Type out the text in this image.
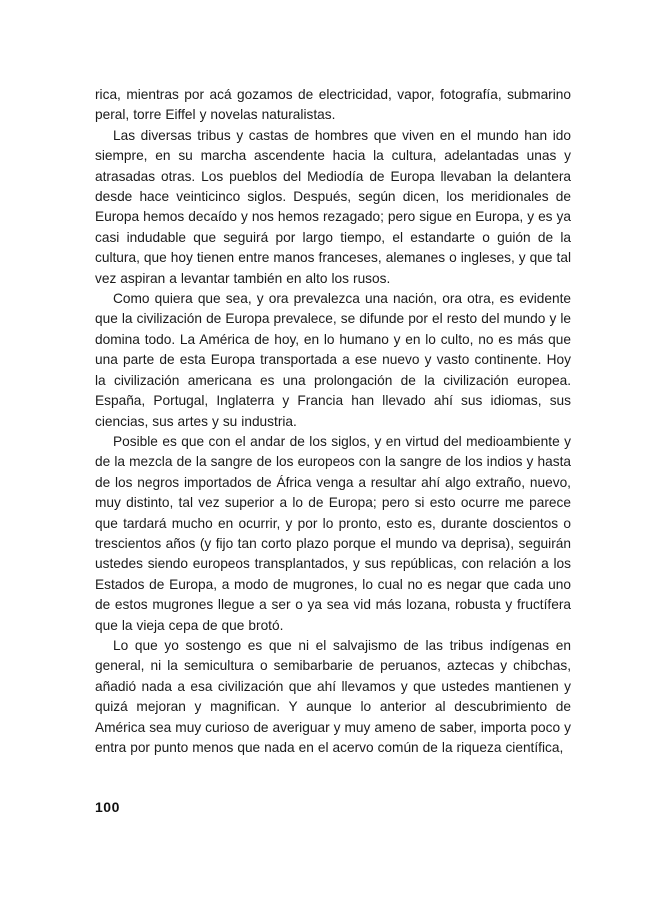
rica, mientras por acá gozamos de electricidad, vapor, fotografía, submarino peral, torre Eiffel y novelas naturalistas.

Las diversas tribus y castas de hombres que viven en el mundo han ido siempre, en su marcha ascendente hacia la cultura, adelantadas unas y atrasadas otras. Los pueblos del Mediodía de Europa llevaban la delantera desde hace veinticinco siglos. Después, según dicen, los meridionales de Europa hemos decaído y nos hemos rezagado; pero sigue en Europa, y es ya casi indudable que seguirá por largo tiempo, el estandarte o guión de la cultura, que hoy tienen entre manos franceses, alemanes o ingleses, y que tal vez aspiran a levantar también en alto los rusos.

Como quiera que sea, y ora prevalezca una nación, ora otra, es evidente que la civilización de Europa prevalece, se difunde por el resto del mundo y le domina todo. La América de hoy, en lo humano y en lo culto, no es más que una parte de esta Europa transportada a ese nuevo y vasto continente. Hoy la civilización americana es una prolongación de la civilización europea. España, Portugal, Inglaterra y Francia han llevado ahí sus idiomas, sus ciencias, sus artes y su industria.

Posible es que con el andar de los siglos, y en virtud del medioambiente y de la mezcla de la sangre de los europeos con la sangre de los indios y hasta de los negros importados de África venga a resultar ahí algo extraño, nuevo, muy distinto, tal vez superior a lo de Europa; pero si esto ocurre me parece que tardará mucho en ocurrir, y por lo pronto, esto es, durante doscientos o trescientos años (y fijo tan corto plazo porque el mundo va deprisa), seguirán ustedes siendo europeos transplantados, y sus repúblicas, con relación a los Estados de Europa, a modo de mugrones, lo cual no es negar que cada uno de estos mugrones llegue a ser o ya sea vid más lozana, robusta y fructífera que la vieja cepa de que brotó.

Lo que yo sostengo es que ni el salvajismo de las tribus indígenas en general, ni la semicultura o semibarbarie de peruanos, aztecas y chibchas, añadió nada a esa civilización que ahí llevamos y que ustedes mantienen y quizá mejoran y magnifican. Y aunque lo anterior al descubrimiento de América sea muy curioso de averiguar y muy ameno de saber, importa poco y entra por punto menos que nada en el acervo común de la riqueza científica,

100
